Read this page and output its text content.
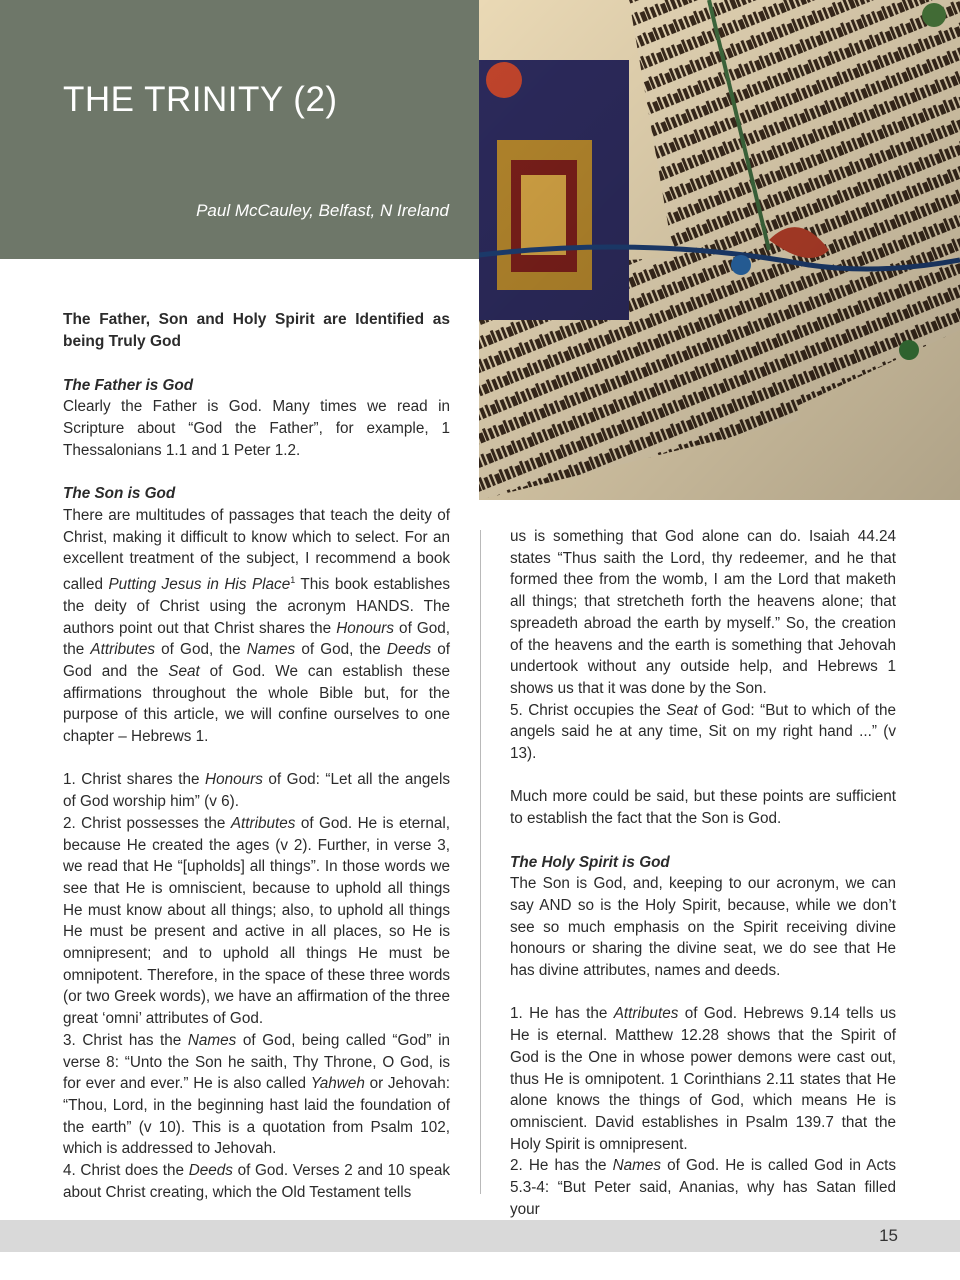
THE TRINITY (2)
Paul McCauley, Belfast, N Ireland

The Father, Son and Holy Spirit are Identified as being Truly God

The Father is God

Clearly the Father is God. Many times we read in Scripture about “God the Father”, for example, 1 Thessalonians 1.1 and 1 Peter 1.2.

The Son is God

There are multitudes of passages that teach the deity of Christ, making it difficult to know which to select. For an excellent treatment of the subject, I recommend a book called Putting Jesus in His Place$^1$ This book establishes the deity of Christ using the acronym HANDS. The authors point out that Christ shares the Honours of God, the Attributes of God, the Names of God, the Deeds of God and the Seat of God. We can establish these affirmations throughout the whole Bible but, for the purpose of this article, we will confine ourselves to one chapter – Hebrews 1.

1. Christ shares the Honours of God: “Let all the angels of God worship him” (v 6).

2. Christ possesses the Attributes of God. He is eternal, because He created the ages (v 2). Further, in verse 3, we read that He “[upholds] all things”. In those words we see that He is omniscient, because to uphold all things He must know about all things; also, to uphold all things He must be present and active in all places, so He is omnipresent; and to uphold all things He must be omnipotent. Therefore, in the space of these three words (or two Greek words), we have an affirmation of the three great ‘omni’ attributes of God.

3. Christ has the Names of God, being called “God” in verse 8: “Unto the Son he saith, Thy Throne, O God, is for ever and ever.” He is also called Yahweh or Jehovah: “Thou, Lord, in the beginning hast laid the foundation of the earth” (v 10). This is a quotation from Psalm 102, which is addressed to Jehovah.

4. Christ does the Deeds of God. Verses 2 and 10 speak about Christ creating, which the Old Testament tells

us is something that God alone can do. Isaiah 44.24 states “Thus saith the Lord, thy redeemer, and he that formed thee from the womb, I am the Lord that maketh all things; that stretcheth forth the heavens alone; that spreadeth abroad the earth by myself.” So, the creation of the heavens and the earth is something that Jehovah undertook without any outside help, and Hebrews 1 shows us that it was done by the Son.

5. Christ occupies the Seat of God: “But to which of the angels said he at any time, Sit on my right hand ...” (v 13).

Much more could be said, but these points are sufficient to establish the fact that the Son is God.

The Holy Spirit is God

The Son is God, and, keeping to our acronym, we can say AND so is the Holy Spirit, because, while we don’t see so much emphasis on the Spirit receiving divine honours or sharing the divine seat, we do see that He has divine attributes, names and deeds.

1. He has the Attributes of God. Hebrews 9.14 tells us He is eternal. Matthew 12.28 shows that the Spirit of God is the One in whose power demons were cast out, thus He is omnipotent. 1 Corinthians 2.11 states that He alone knows the things of God, which means He is omniscient. David establishes in Psalm 139.7 that the Holy Spirit is omnipresent.

2. He has the Names of God. He is called God in Acts 5.3-4: “But Peter said, Ananias, why has Satan filled your

15
